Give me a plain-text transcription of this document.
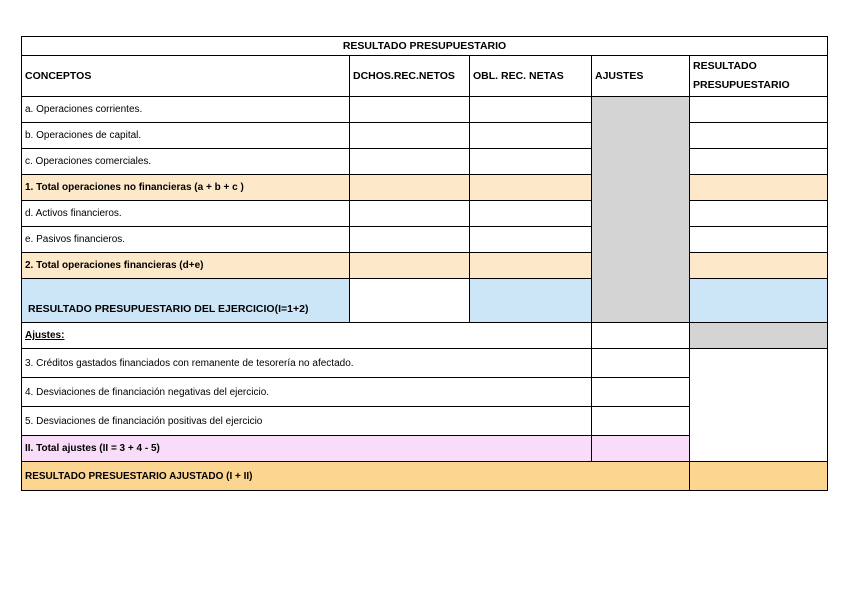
RESULTADO PRESUPUESTARIO				
CONCEPTOS	DCHOS.REC.NETOS	OBL. REC. NETAS	AJUSTES	RESULTADO
PRESUPUESTARIO
a. Operaciones corrientes.				
b. Operaciones de capital.				
c. Operaciones comerciales.				
1. Total operaciones no financieras (a + b + c )				
d. Activos financieros.				
e. Pasivos financieros.				
2. Total operaciones financieras (d+e)				
RESULTADO PRESUPUESTARIO DEL EJERCICIO(I=1+2)				
Ajustes:				
3. Créditos gastados financiados con remanente de tesorería no afectado.				
4. Desviaciones de financiación negativas del ejercicio.				
5. Desviaciones de financiación positivas del ejercicio				
II. Total ajustes (II = 3 + 4 - 5)				
RESULTADO PRESUESTARIO AJUSTADO (I + II)				
